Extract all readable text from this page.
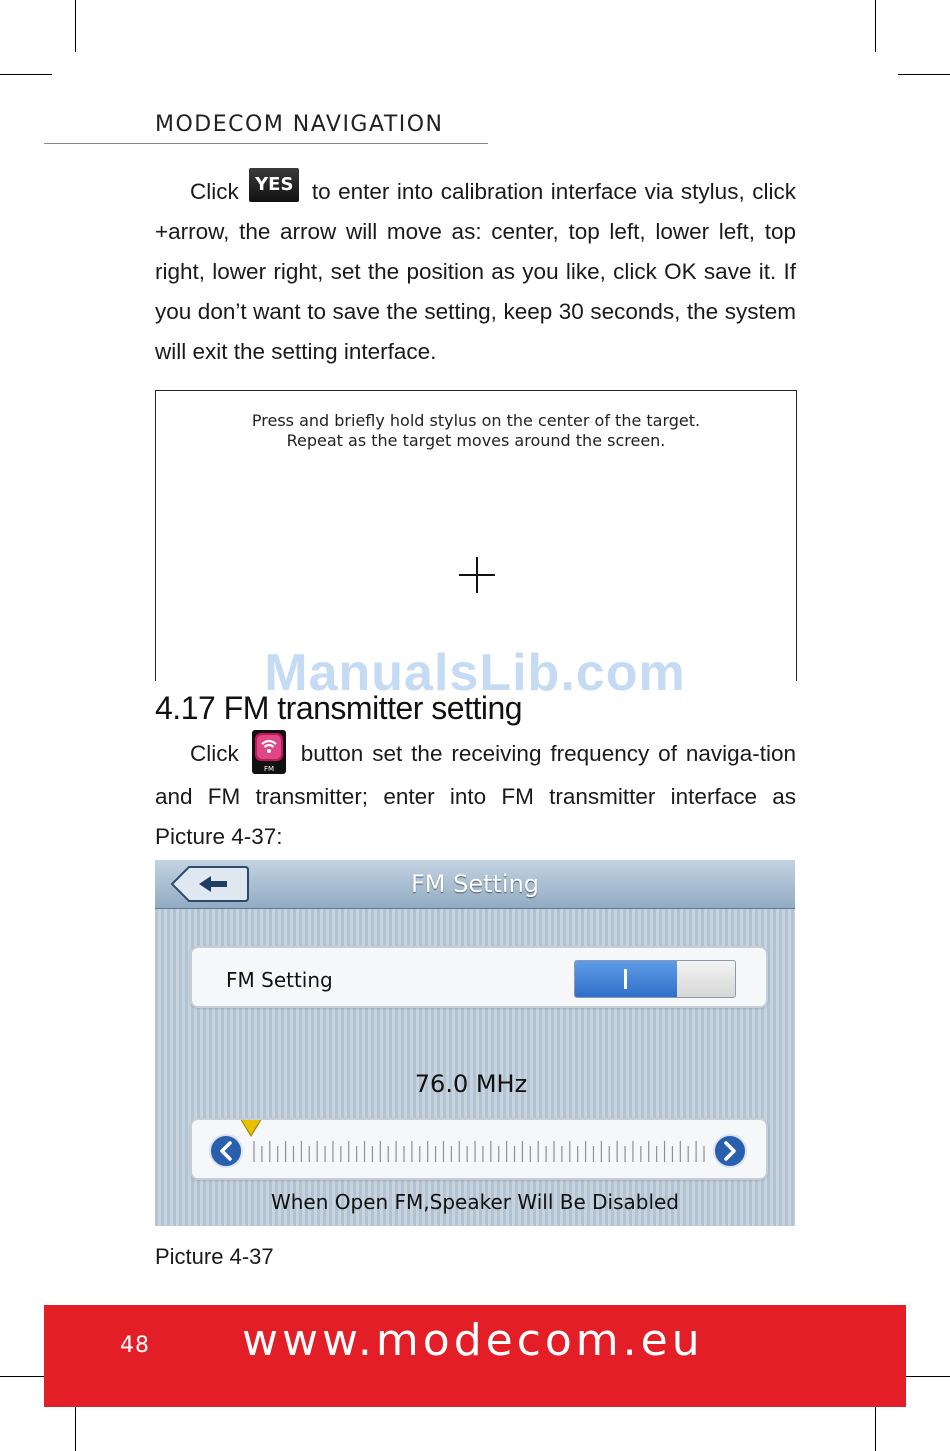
MODECOM NAVIGATION
Click YES to enter into calibration interface via stylus, click +arrow, the arrow will move as: center, top left, lower left, top right, lower right, set the position as you like, click OK save it. If you don’t want to save the setting, keep 30 seconds, the system will exit the setting interface.
Press and briefly hold stylus on the center of the target.
Repeat as the target moves around the screen.
ManualsLib.com
4.17 FM transmitter setting
Click
FM
button set the receiving frequency of naviga-tion and FM transmitter; enter into FM transmitter interface as Picture 4-37:
FM Setting
FM Setting
76.0 MHz
When Open FM,Speaker Will Be Disabled
Picture 4-37
48 www.modecom.eu
